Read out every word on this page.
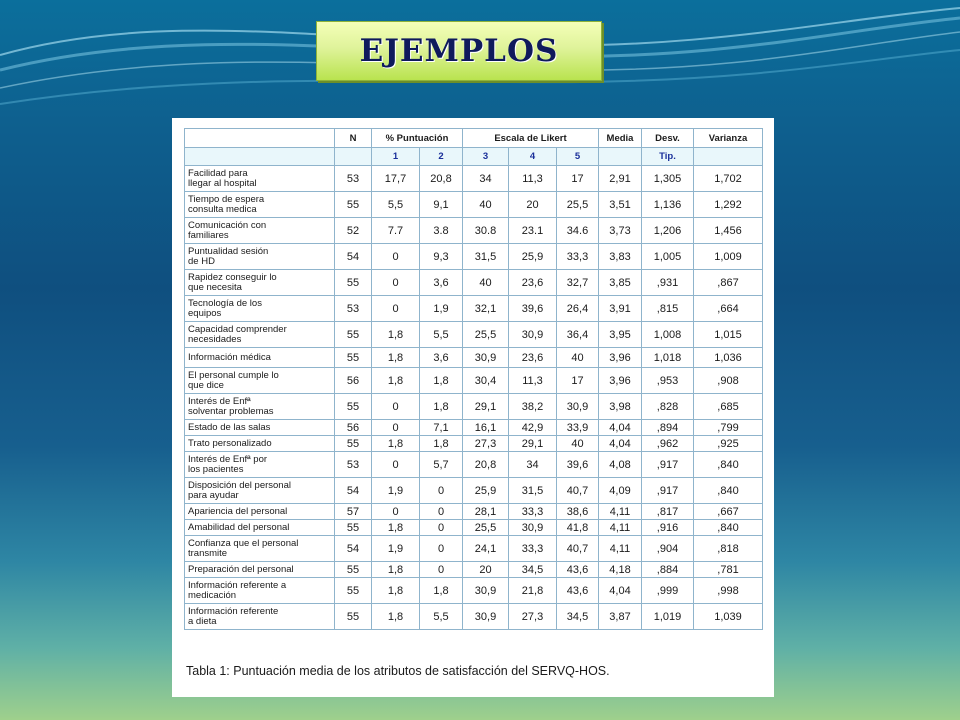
EJEMPLOS
	N	% Puntuación		Escala de Likert			Media	Desv.	Varianza
		1	2	3	4	5		Tip.	
Facilidad para
llegar al hospital	53	17,7	20,8	34	11,3	17	2,91	1,305	1,702
Tiempo de espera
consulta medica	55	5,5	9,1	40	20	25,5	3,51	1,136	1,292
Comunicación con
familiares	52	7.7	3.8	30.8	23.1	34.6	3,73	1,206	1,456
Puntualidad sesión
de HD	54	0	9,3	31,5	25,9	33,3	3,83	1,005	1,009
Rapidez conseguir lo
que necesita	55	0	3,6	40	23,6	32,7	3,85	,931	,867
Tecnología de los
equipos	53	0	1,9	32,1	39,6	26,4	3,91	,815	,664
Capacidad comprender
necesidades	55	1,8	5,5	25,5	30,9	36,4	3,95	1,008	1,015
Información médica	55	1,8	3,6	30,9	23,6	40	3,96	1,018	1,036
El personal cumple lo
que dice	56	1,8	1,8	30,4	11,3	17	3,96	,953	,908
Interés de Enfª
solventar problemas	55	0	1,8	29,1	38,2	30,9	3,98	,828	,685
Estado de las salas	56	0	7,1	16,1	42,9	33,9	4,04	,894	,799
Trato personalizado	55	1,8	1,8	27,3	29,1	40	4,04	,962	,925
Interés de Enfª por
los pacientes	53	0	5,7	20,8	34	39,6	4,08	,917	,840
Disposición del personal
para ayudar	54	1,9	0	25,9	31,5	40,7	4,09	,917	,840
Apariencia del personal	57	0	0	28,1	33,3	38,6	4,11	,817	,667
Amabilidad del personal	55	1,8	0	25,5	30,9	41,8	4,11	,916	,840
Confianza que el personal
transmite	54	1,9	0	24,1	33,3	40,7	4,11	,904	,818
Preparación del personal	55	1,8	0	20	34,5	43,6	4,18	,884	,781
Información referente a
medicación	55	1,8	1,8	30,9	21,8	43,6	4,04	,999	,998
Información referente
a dieta	55	1,8	5,5	30,9	27,3	34,5	3,87	1,019	1,039
Tabla 1: Puntuación media de los atributos de satisfacción del SERVQ-HOS.
